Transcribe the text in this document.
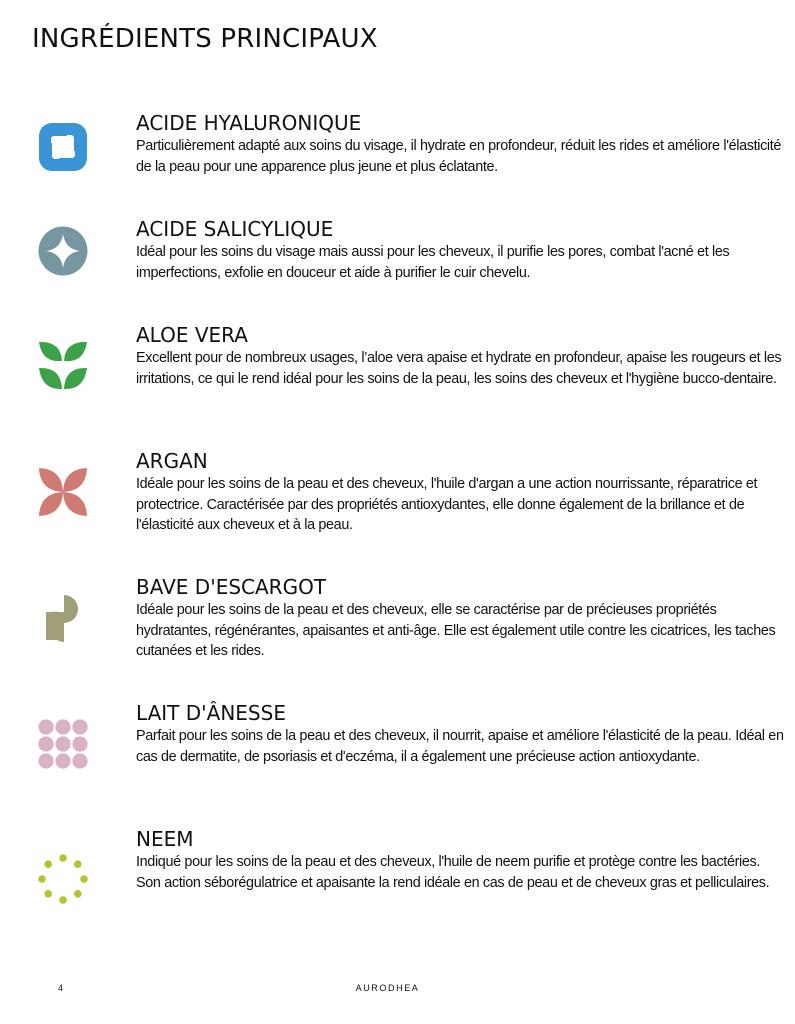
INGRÉDIENTS PRINCIPAUX
ACIDE HYALURONIQUE

Particulièrement adapté aux soins du visage, il hydrate en profondeur, réduit les rides et améliore l'élasticité de la peau pour une apparence plus jeune et plus éclatante.

ACIDE SALICYLIQUE

Idéal pour les soins du visage mais aussi pour les cheveux, il purifie les pores, combat l'acné et les imperfections, exfolie en douceur et aide à purifier le cuir chevelu.

ALOE VERA

Excellent pour de nombreux usages, l’aloe vera apaise et hydrate en profondeur, apaise les rougeurs et les irritations, ce qui le rend idéal pour les soins de la peau, les soins des cheveux et l'hygiène bucco-dentaire.

ARGAN

Idéale pour les soins de la peau et des cheveux, l'huile d'argan a une action nourrissante, réparatrice et protectrice. Caractérisée par des propriétés antioxydantes, elle donne également de la brillance et de l'élasticité aux cheveux et à la peau.

BAVE D'ESCARGOT

Idéale pour les soins de la peau et des cheveux, elle se caractérise par de précieuses propriétés hydratantes, régénérantes, apaisantes et anti-âge. Elle est également utile contre les cicatrices, les taches cutanées et les rides.

LAIT D'ÂNESSE

Parfait pour les soins de la peau et des cheveux, il nourrit, apaise et améliore l'élasticité de la peau. Idéal en cas de dermatite, de psoriasis et d'eczéma, il a également une précieuse action antioxydante.

NEEM

Indiqué pour les soins de la peau et des cheveux, l'huile de neem purifie et protège contre les bactéries. Son action séborégulatrice et apaisante la rend idéale en cas de peau et de cheveux gras et pelliculaires.

4	AURODHEA
